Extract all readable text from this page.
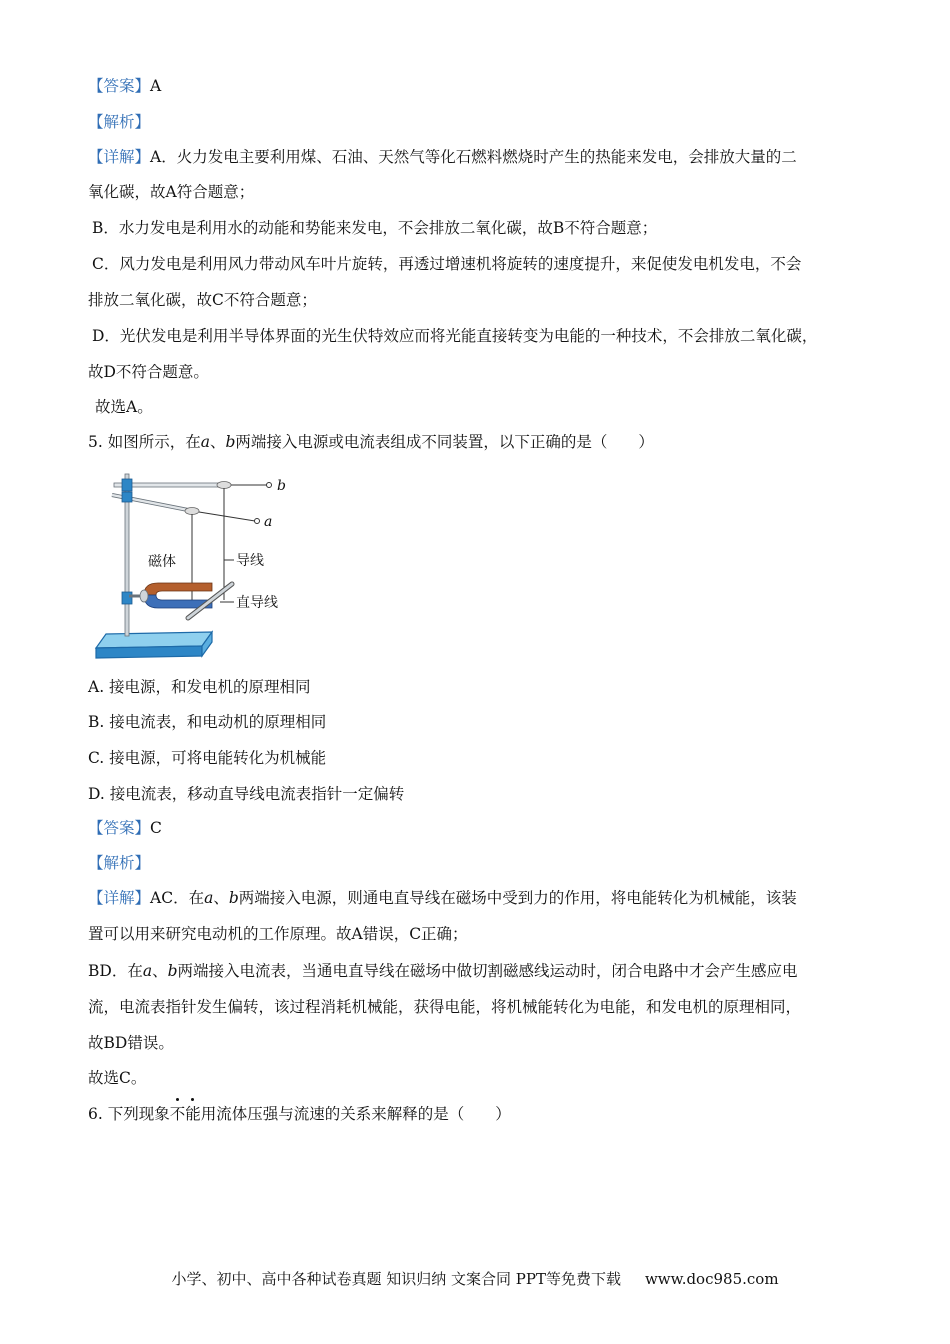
【答案】A
【解析】
【详解】A．火力发电主要利用煤、石油、天然气等化石燃料燃烧时产生的热能来发电，会排放大量的二
氧化碳，故A符合题意；
B．水力发电是利用水的动能和势能来发电，不会排放二氧化碳，故B不符合题意；
C．风力发电是利用风力带动风车叶片旋转，再透过增速机将旋转的速度提升，来促使发电机发电，不会
排放二氧化碳，故C不符合题意；
D．光伏发电是利用半导体界面的光生伏特效应而将光能直接转变为电能的一种技术，不会排放二氧化碳，
故D不符合题意。
故选A。
5. 如图所示，在a、b两端接入电源或电流表组成不同装置，以下正确的是（　　）
b
a
磁体	导线
直导线
A. 接电源，和发电机的原理相同
B. 接电流表，和电动机的原理相同
C. 接电源，可将电能转化为机械能
D. 接电流表，移动直导线电流表指针一定偏转
【答案】C
【解析】
【详解】AC．在a、b两端接入电源，则通电直导线在磁场中受到力的作用，将电能转化为机械能，该装
置可以用来研究电动机的工作原理。故A错误，C正确；
BD．在a、b两端接入电流表，当通电直导线在磁场中做切割磁感线运动时，闭合电路中才会产生感应电
流，电流表指针发生偏转，该过程消耗机械能，获得电能，将机械能转化为电能，和发电机的原理相同，
故BD错误。
故选C。
6. 下列现象不能用流体压强与流速的关系来解释的是（　　）
小学、初中、高中各种试卷真题 知识归纳 文案合同 PPT等免费下载 www.doc985.com
